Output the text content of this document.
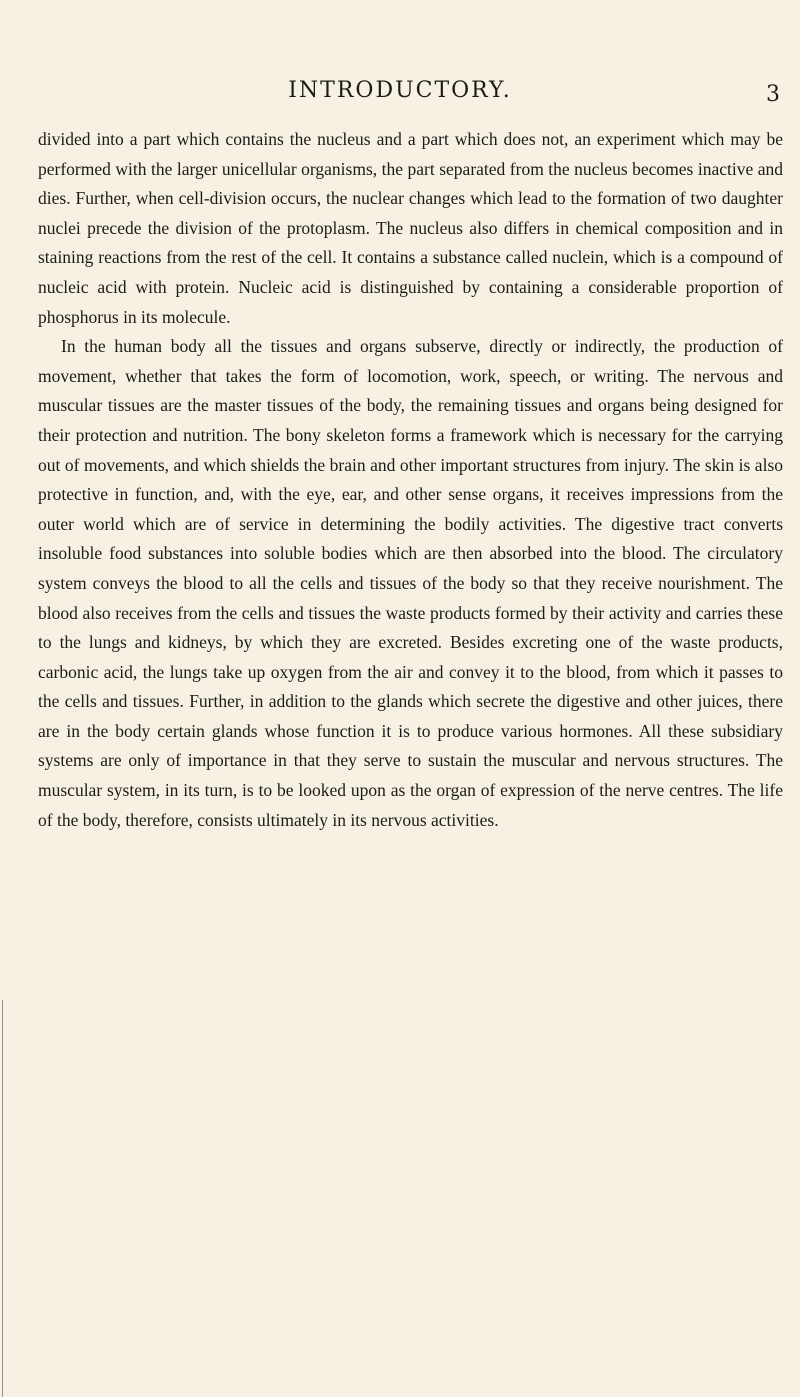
INTRODUCTORY.	3

divided into a part which contains the nucleus and a part which does not, an experiment which may be performed with the larger unicellular organisms, the part separated from the nucleus becomes inactive and dies. Further, when cell-division occurs, the nuclear changes which lead to the formation of two daughter nuclei precede the division of the protoplasm. The nucleus also differs in chemical composition and in staining reactions from the rest of the cell. It contains a substance called nuclein, which is a compound of nucleic acid with protein. Nucleic acid is distinguished by containing a considerable proportion of phosphorus in its molecule.

In the human body all the tissues and organs subserve, directly or indirectly, the production of movement, whether that takes the form of locomotion, work, speech, or writing. The nervous and muscular tissues are the master tissues of the body, the remaining tissues and organs being designed for their protection and nutrition. The bony skeleton forms a framework which is necessary for the carrying out of movements, and which shields the brain and other important structures from injury. The skin is also protective in function, and, with the eye, ear, and other sense organs, it receives impressions from the outer world which are of service in determining the bodily activities. The digestive tract converts insoluble food substances into soluble bodies which are then absorbed into the blood. The circulatory system conveys the blood to all the cells and tissues of the body so that they receive nourishment. The blood also receives from the cells and tissues the waste products formed by their activity and carries these to the lungs and kidneys, by which they are excreted. Besides excreting one of the waste products, carbonic acid, the lungs take up oxygen from the air and convey it to the blood, from which it passes to the cells and tissues. Further, in addition to the glands which secrete the digestive and other juices, there are in the body certain glands whose function it is to produce various hormones. All these subsidiary systems are only of importance in that they serve to sustain the muscular and nervous structures. The muscular system, in its turn, is to be looked upon as the organ of expression of the nerve centres. The life of the body, therefore, consists ultimately in its nervous activities.
